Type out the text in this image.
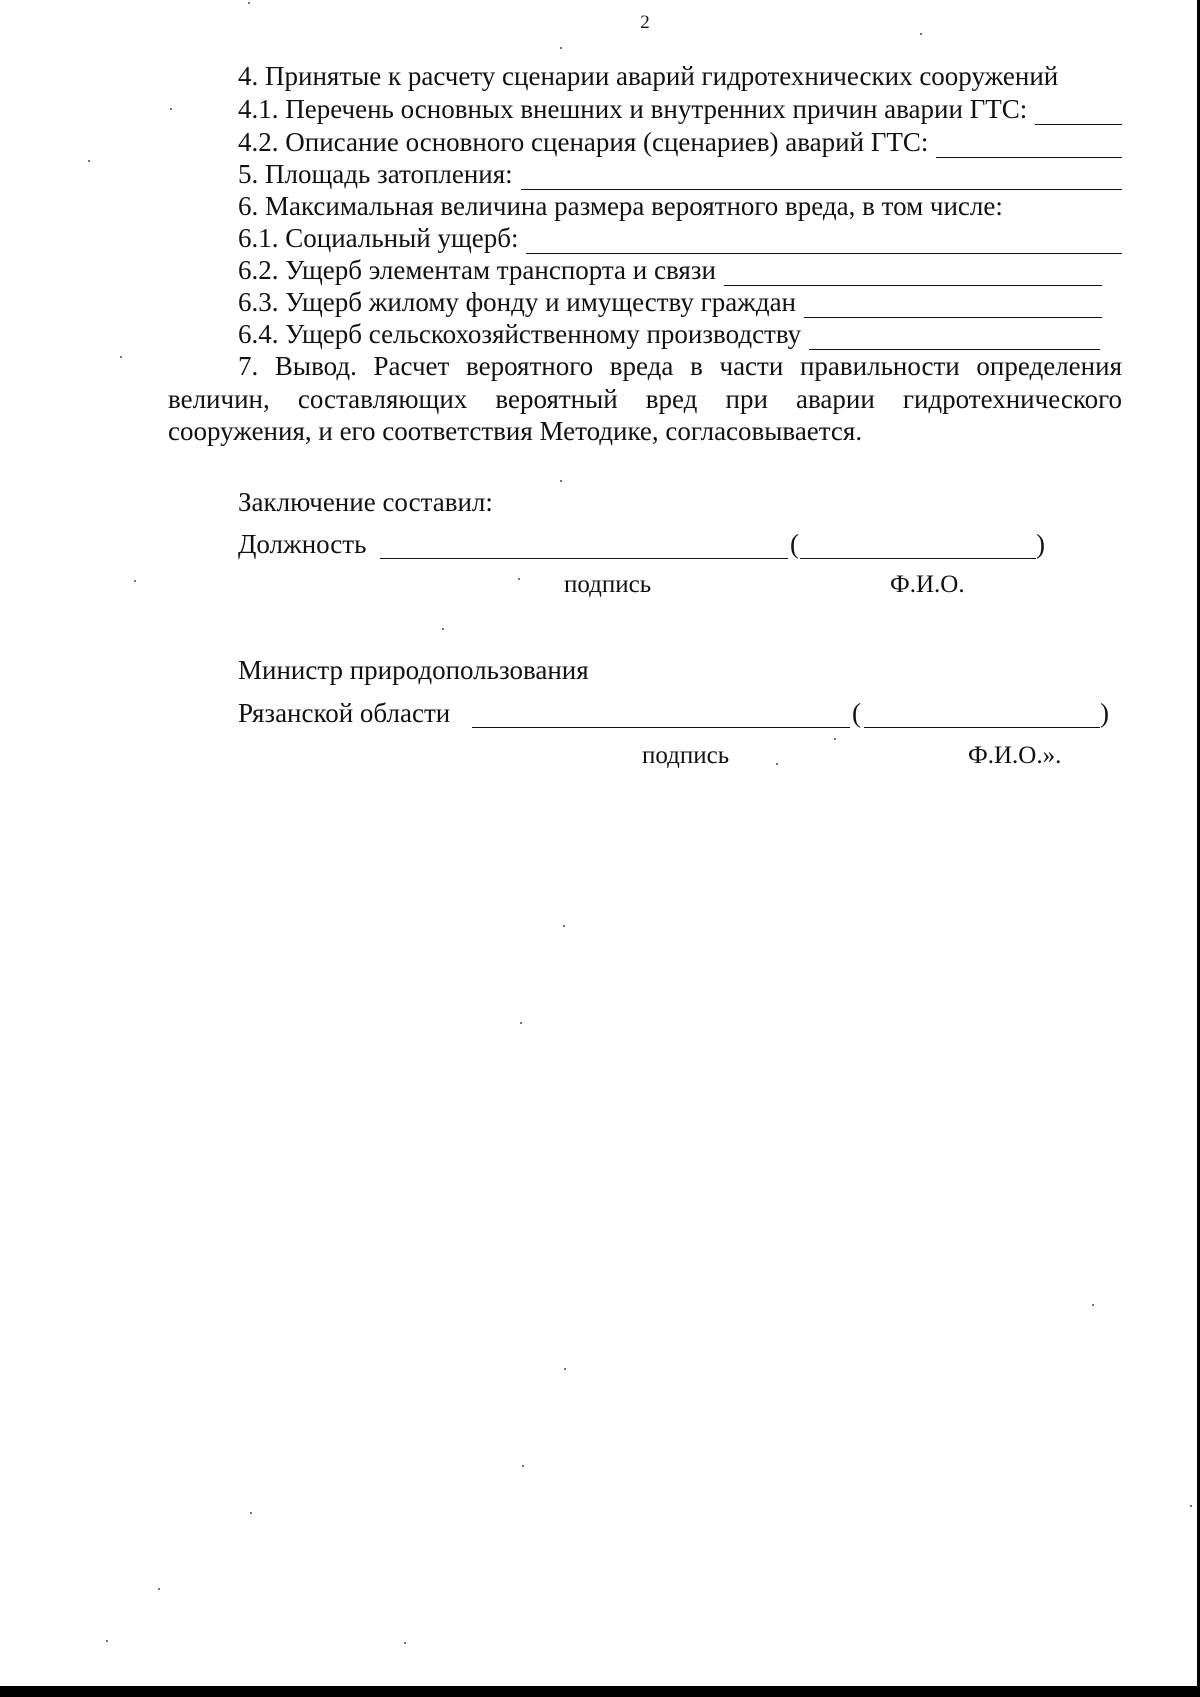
2
4. Принятые к расчету сценарии аварий гидротехнических сооружений
4.1. Перечень основных внешних и внутренних причин аварии ГТС:
4.2. Описание основного сценария (сценариев) аварий ГТС:
5. Площадь затопления:
6. Максимальная величина размера вероятного вреда, в том числе:
6.1. Социальный ущерб:
6.2. Ущерб элементам транспорта и связи
6.3. Ущерб жилому фонду и имуществу граждан
6.4. Ущерб сельскохозяйственному производству
7. Вывод. Расчет вероятного вреда в части правильности определения величин, составляющих вероятный вред при аварии гидротехнического сооружения, и его соответствия Методике, согласовывается.
Заключение составил:
Должность	(	)
подпись	Ф.И.О.
Министр природопользования
Рязанской области	(	)
подпись	Ф.И.О.».
